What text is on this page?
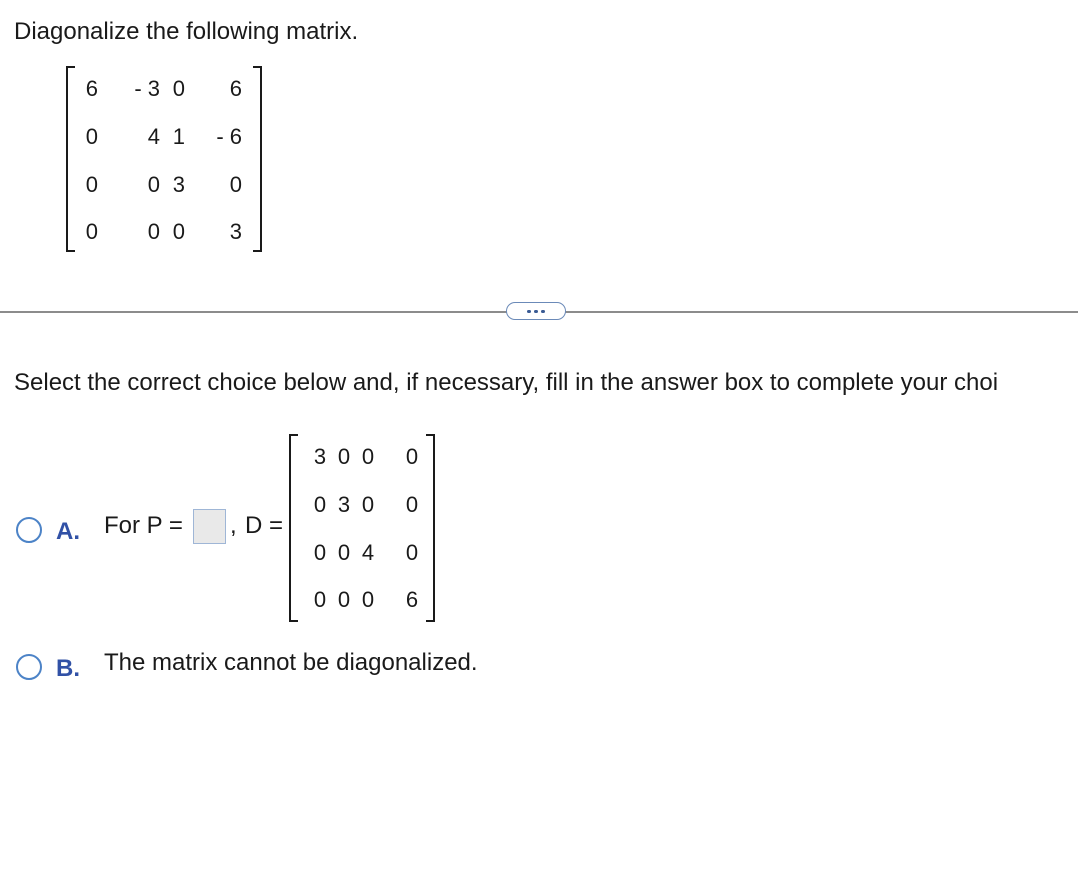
Diagonalize the following matrix.
6 - 3 0 6
0 4 1 - 6
0 0 3 0
0 0 0 3
Select the correct choice below and, if necessary, fill in the answer box to complete your choi
A. For P = , D =
3 0 0 0
0 3 0 0
0 0 4 0
0 0 0 6
B. The matrix cannot be diagonalized.
